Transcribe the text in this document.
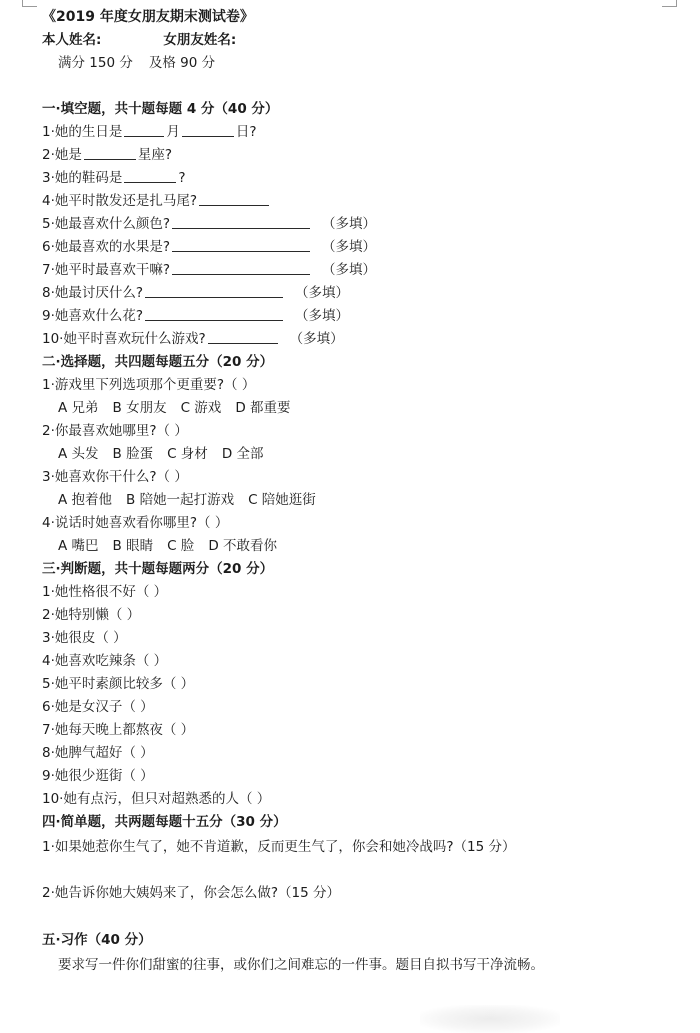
《2019 年度女朋友期末测试卷》
本人姓名:	女朋友姓名:
满分 150 分 及格 90 分
一·填空题，共十题每题 4 分（40 分）
1·她的生日是	月	日?
2·她是	星座?
3·她的鞋码是	?
4·她平时散发还是扎马尾?
5·她最喜欢什么颜色?	（多填）
6·她最喜欢的水果是?	（多填）
7·她平时最喜欢干嘛?	（多填）
8·她最讨厌什么?	（多填）
9·她喜欢什么花?	（多填）
10·她平时喜欢玩什么游戏?	（多填）
二·选择题，共四题每题五分（20 分）
1·游戏里下列选项那个更重要?（ ）
A 兄弟 B 女朋友 C 游戏 D 都重要
2·你最喜欢她哪里?（ ）
A 头发 B 脸蛋 C 身材 D 全部
3·她喜欢你干什么?（ ）
A 抱着他 B 陪她一起打游戏 C 陪她逛街
4·说话时她喜欢看你哪里?（ ）
A 嘴巴 B 眼睛 C 脸 D 不敢看你
三·判断题，共十题每题两分（20 分）
1·她性格很不好（ ）
2·她特别懒（ ）
3·她很皮（ ）
4·她喜欢吃辣条（ ）
5·她平时素颜比较多（ ）
6·她是女汉子（ ）
7·她每天晚上都熬夜（ ）
8·她脾气超好（ ）
9·她很少逛街（ ）
10·她有点污，但只对超熟悉的人（ ）
四·简单题，共两题每题十五分（30 分）
1·如果她惹你生气了，她不肯道歉，反而更生气了，你会和她冷战吗?（15 分）
2·她告诉你她大姨妈来了，你会怎么做?（15 分）
五·习作（40 分）
要求写一件你们甜蜜的往事，或你们之间难忘的一件事。题目自拟书写干净流畅。
